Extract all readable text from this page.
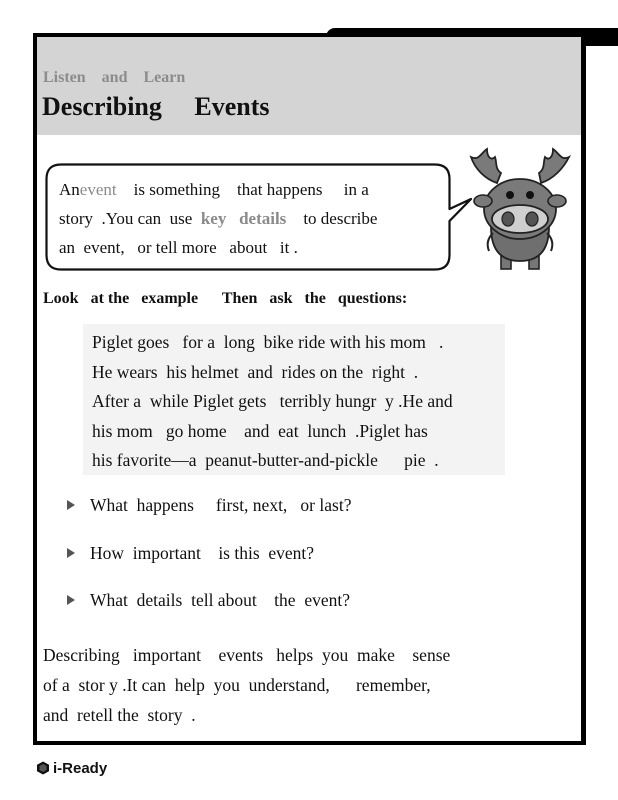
Listen    and    Learn
Describing     Events
Anevent    is something    that happens     in a
story  .You can  use  key   details    to describe
an  event,   or tell more   about   it .
Look   at the   example      Then   ask   the   questions:
Piglet goes   for a  long  bike ride with his mom   .
He wears  his helmet  and  rides on the  right  .
After a  while Piglet gets   terribly hungr  y .He and
his mom   go home    and  eat  lunch  .Piglet has
his favorite—a  peanut-butter-and-pickle      pie  .
What  happens     first, next,   or last?
How  important    is this  event?
What  details  tell about    the  event?
Describing   important    events   helps  you  make    sense
of a  stor y .It can  help  you  understand,      remember,
and  retell the  story  .
i-Ready
